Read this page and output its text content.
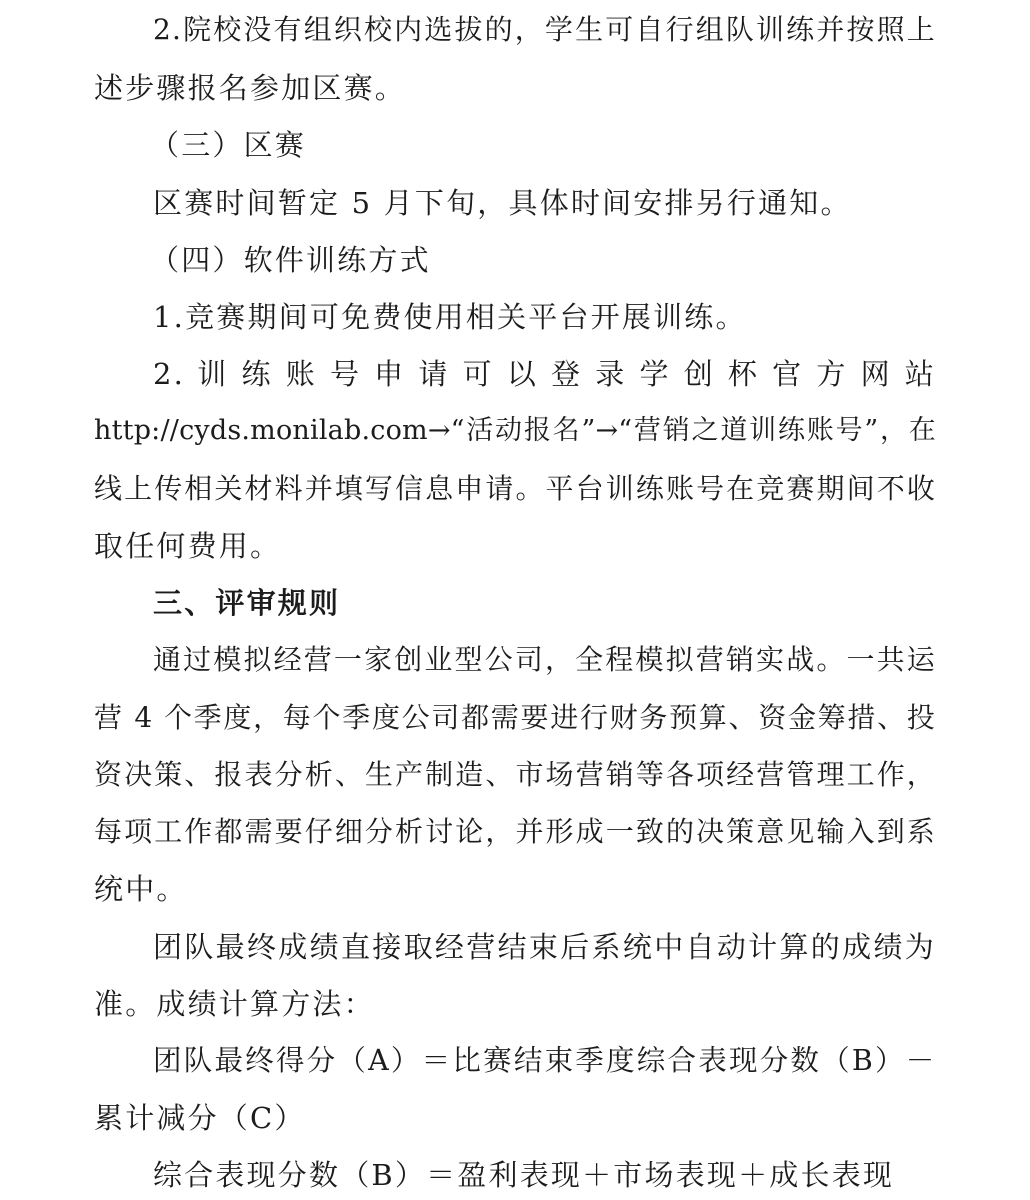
2.院校没有组织校内选拔的，学生可自行组队训练并按照上
述步骤报名参加区赛。
（三）区赛
区赛时间暂定 5 月下旬，具体时间安排另行通知。
（四）软件训练方式
1.竞赛期间可免费使用相关平台开展训练。
2. 训 练 账 号 申 请 可 以 登 录 学 创 杯 官 方 网 站
http://cyds.monilab.com→“活动报名”→“营销之道训练账号”，在
线上传相关材料并填写信息申请。平台训练账号在竞赛期间不收
取任何费用。
三、评审规则
通过模拟经营一家创业型公司，全程模拟营销实战。一共运
营 4 个季度，每个季度公司都需要进行财务预算、资金筹措、投
资决策、报表分析、生产制造、市场营销等各项经营管理工作，
每项工作都需要仔细分析讨论，并形成一致的决策意见输入到系
统中。
团队最终成绩直接取经营结束后系统中自动计算的成绩为
准。成绩计算方法：
团队最终得分（A）＝比赛结束季度综合表现分数（B）－
累计减分（C）
综合表现分数（B）＝盈利表现＋市场表现＋成长表现
